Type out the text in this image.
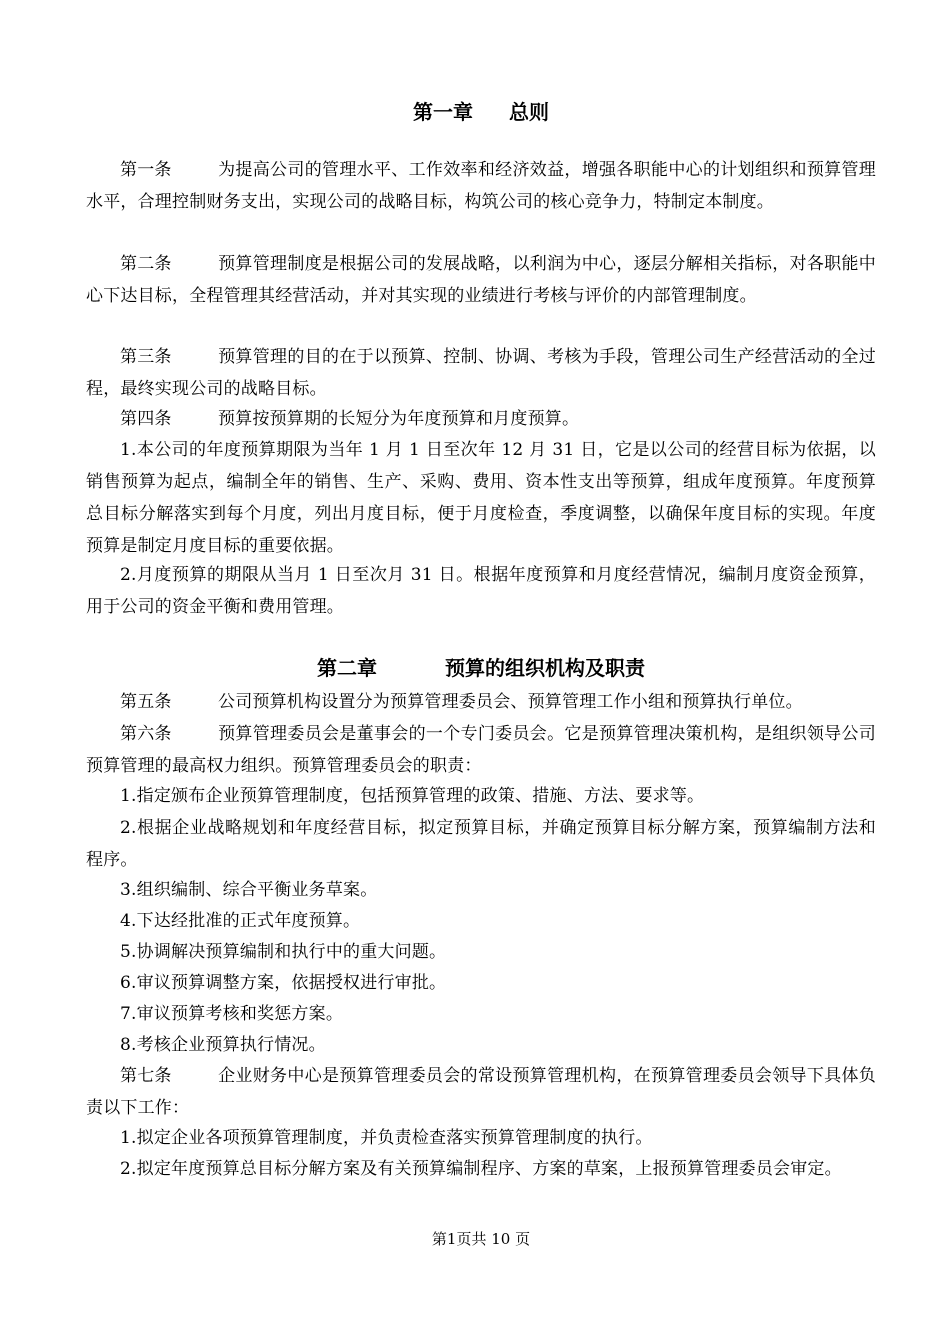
第一章 总则

第一条	为提高公司的管理水平、工作效率和经济效益，增强各职能中心的计划组织和预算管理水平，合理控制财务支出，实现公司的战略目标，构筑公司的核心竞争力，特制定本制度。

第二条	预算管理制度是根据公司的发展战略，以利润为中心，逐层分解相关指标，对各职能中心下达目标，全程管理其经营活动，并对其实现的业绩进行考核与评价的内部管理制度。

第三条	预算管理的目的在于以预算、控制、协调、考核为手段，管理公司生产经营活动的全过程，最终实现公司的战略目标。

第四条	预算按预算期的长短分为年度预算和月度预算。

1.本公司的年度预算期限为当年 1 月 1 日至次年 12 月 31 日，它是以公司的经营目标为依据，以销售预算为起点，编制全年的销售、生产、采购、费用、资本性支出等预算，组成年度预算。年度预算总目标分解落实到每个月度，列出月度目标，便于月度检查，季度调整，以确保年度目标的实现。年度预算是制定月度目标的重要依据。

2.月度预算的期限从当月 1 日至次月 31 日。根据年度预算和月度经营情况，编制月度资金预算，用于公司的资金平衡和费用管理。

第二章	预算的组织机构及职责

第五条	公司预算机构设置分为预算管理委员会、预算管理工作小组和预算执行单位。

第六条	预算管理委员会是董事会的一个专门委员会。它是预算管理决策机构，是组织领导公司预算管理的最高权力组织。预算管理委员会的职责：

1.指定颁布企业预算管理制度，包括预算管理的政策、措施、方法、要求等。

2.根据企业战略规划和年度经营目标，拟定预算目标，并确定预算目标分解方案，预算编制方法和程序。

3.组织编制、综合平衡业务草案。

4.下达经批准的正式年度预算。

5.协调解决预算编制和执行中的重大问题。

6.审议预算调整方案，依据授权进行审批。

7.审议预算考核和奖惩方案。

8.考核企业预算执行情况。

第七条	企业财务中心是预算管理委员会的常设预算管理机构，在预算管理委员会领导下具体负责以下工作：

1.拟定企业各项预算管理制度，并负责检查落实预算管理制度的执行。

2.拟定年度预算总目标分解方案及有关预算编制程序、方案的草案，上报预算管理委员会审定。

第1页共 10 页
